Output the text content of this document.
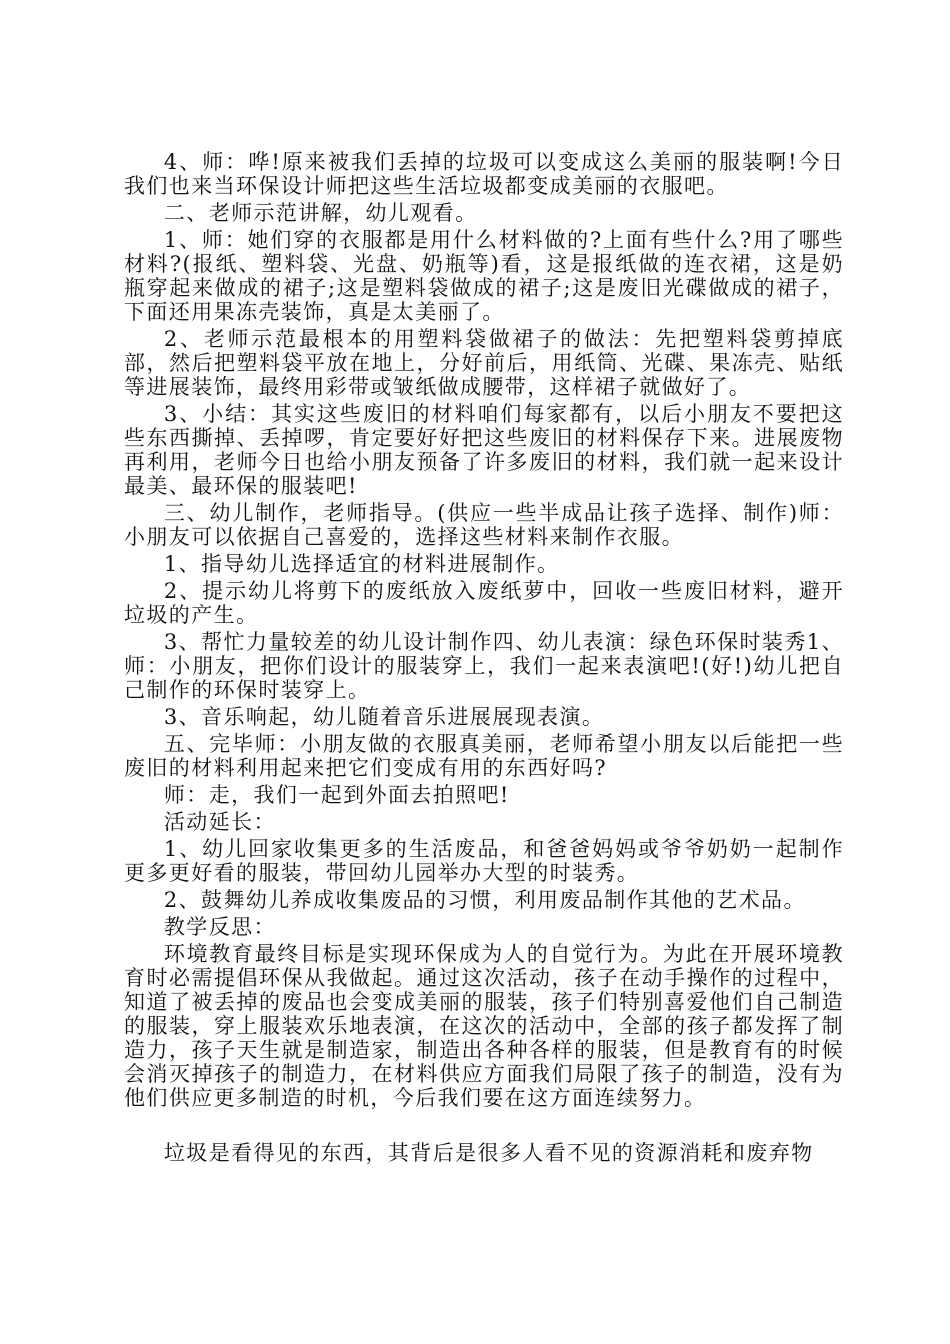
4、师：哗!原来被我们丢掉的垃圾可以变成这么美丽的服装啊!今日我们也来当环保设计师把这些生活垃圾都变成美丽的衣服吧。

二、老师示范讲解，幼儿观看。

1、师：她们穿的衣服都是用什么材料做的?上面有些什么?用了哪些材料?(报纸、塑料袋、光盘、奶瓶等)看，这是报纸做的连衣裙，这是奶瓶穿起来做成的裙子;这是塑料袋做成的裙子;这是废旧光碟做成的裙子，下面还用果冻壳装饰，真是太美丽了。

2、老师示范最根本的用塑料袋做裙子的做法：先把塑料袋剪掉底部，然后把塑料袋平放在地上，分好前后，用纸筒、光碟、果冻壳、贴纸等进展装饰，最终用彩带或皱纸做成腰带，这样裙子就做好了。

3、小结：其实这些废旧的材料咱们每家都有，以后小朋友不要把这些东西撕掉、丢掉啰，肯定要好好把这些废旧的材料保存下来。进展废物再利用，老师今日也给小朋友预备了许多废旧的材料，我们就一起来设计最美、最环保的服装吧!

三、幼儿制作，老师指导。(供应一些半成品让孩子选择、制作)师：小朋友可以依据自己喜爱的，选择这些材料来制作衣服。

1、指导幼儿选择适宜的材料进展制作。

2、提示幼儿将剪下的废纸放入废纸萝中，回收一些废旧材料，避开垃圾的产生。

3、帮忙力量较差的幼儿设计制作四、幼儿表演：绿色环保时装秀1、师：小朋友，把你们设计的服装穿上，我们一起来表演吧!(好!)幼儿把自己制作的环保时装穿上。

3、音乐响起，幼儿随着音乐进展展现表演。

五、完毕师：小朋友做的衣服真美丽，老师希望小朋友以后能把一些废旧的材料利用起来把它们变成有用的东西好吗?

师：走，我们一起到外面去拍照吧!

活动延长：

1、幼儿回家收集更多的生活废品，和爸爸妈妈或爷爷奶奶一起制作更多更好看的服装，带回幼儿园举办大型的时装秀。

2、鼓舞幼儿养成收集废品的习惯，利用废品制作其他的艺术品。

教学反思：

环境教育最终目标是实现环保成为人的自觉行为。为此在开展环境教育时必需提倡环保从我做起。通过这次活动，孩子在动手操作的过程中，知道了被丢掉的废品也会变成美丽的服装，孩子们特别喜爱他们自己制造的服装，穿上服装欢乐地表演，在这次的活动中，全部的孩子都发挥了制造力，孩子天生就是制造家，制造出各种各样的服装，但是教育有的时候会消灭掉孩子的制造力，在材料供应方面我们局限了孩子的制造，没有为他们供应更多制造的时机，今后我们要在这方面连续努力。

垃圾是看得见的东西，其背后是很多人看不见的资源消耗和废弃物
